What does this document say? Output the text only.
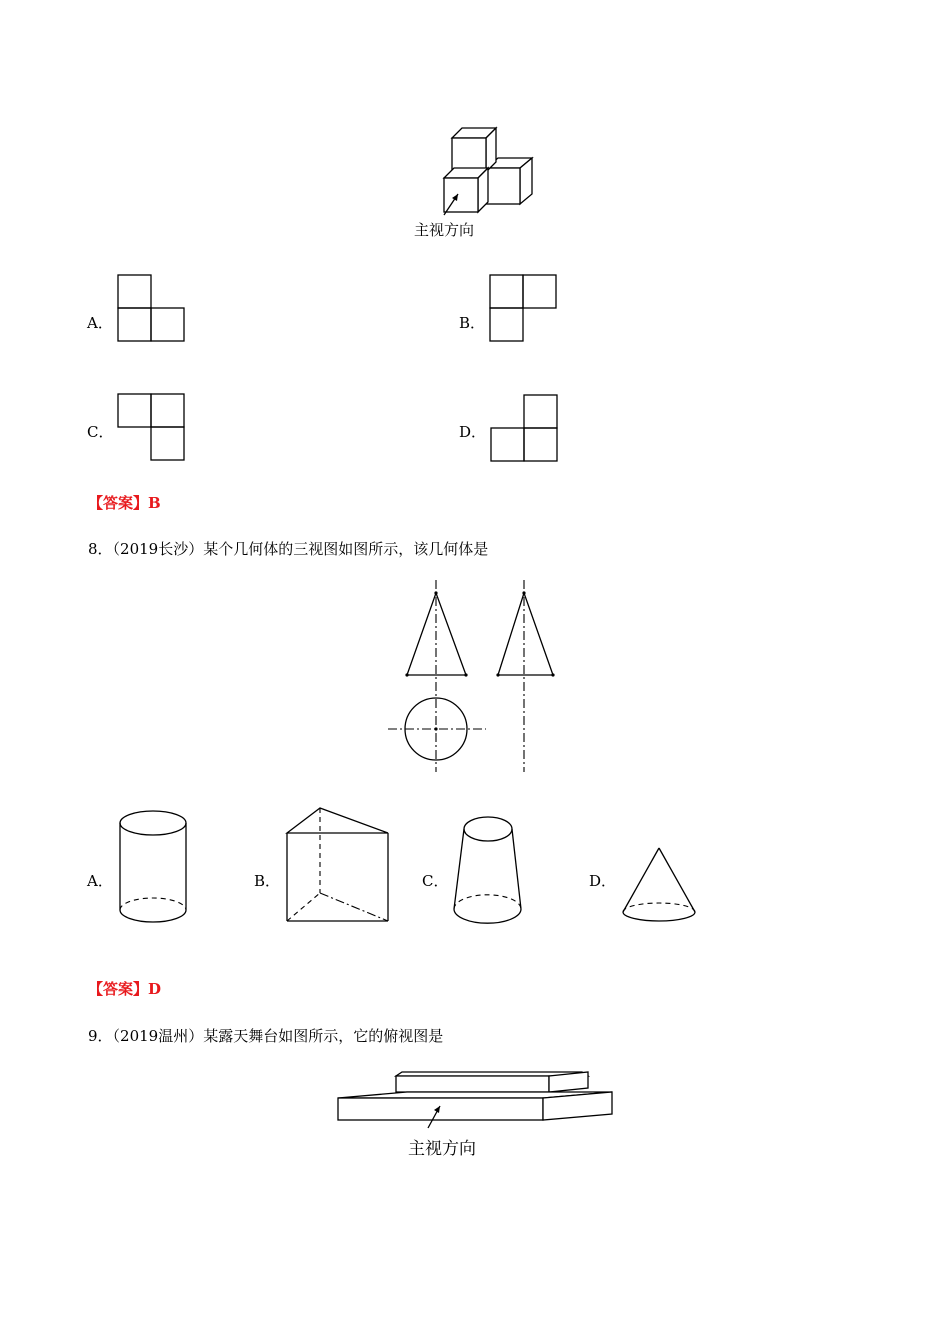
主视方向
A．	B．
C．	D．
【答案】B
8．（2019长沙）某个几何体的三视图如图所示，该几何体是
A．	B．	C．	D．
【答案】D
9．（2019温州）某露天舞台如图所示，它的俯视图是
主视方向
